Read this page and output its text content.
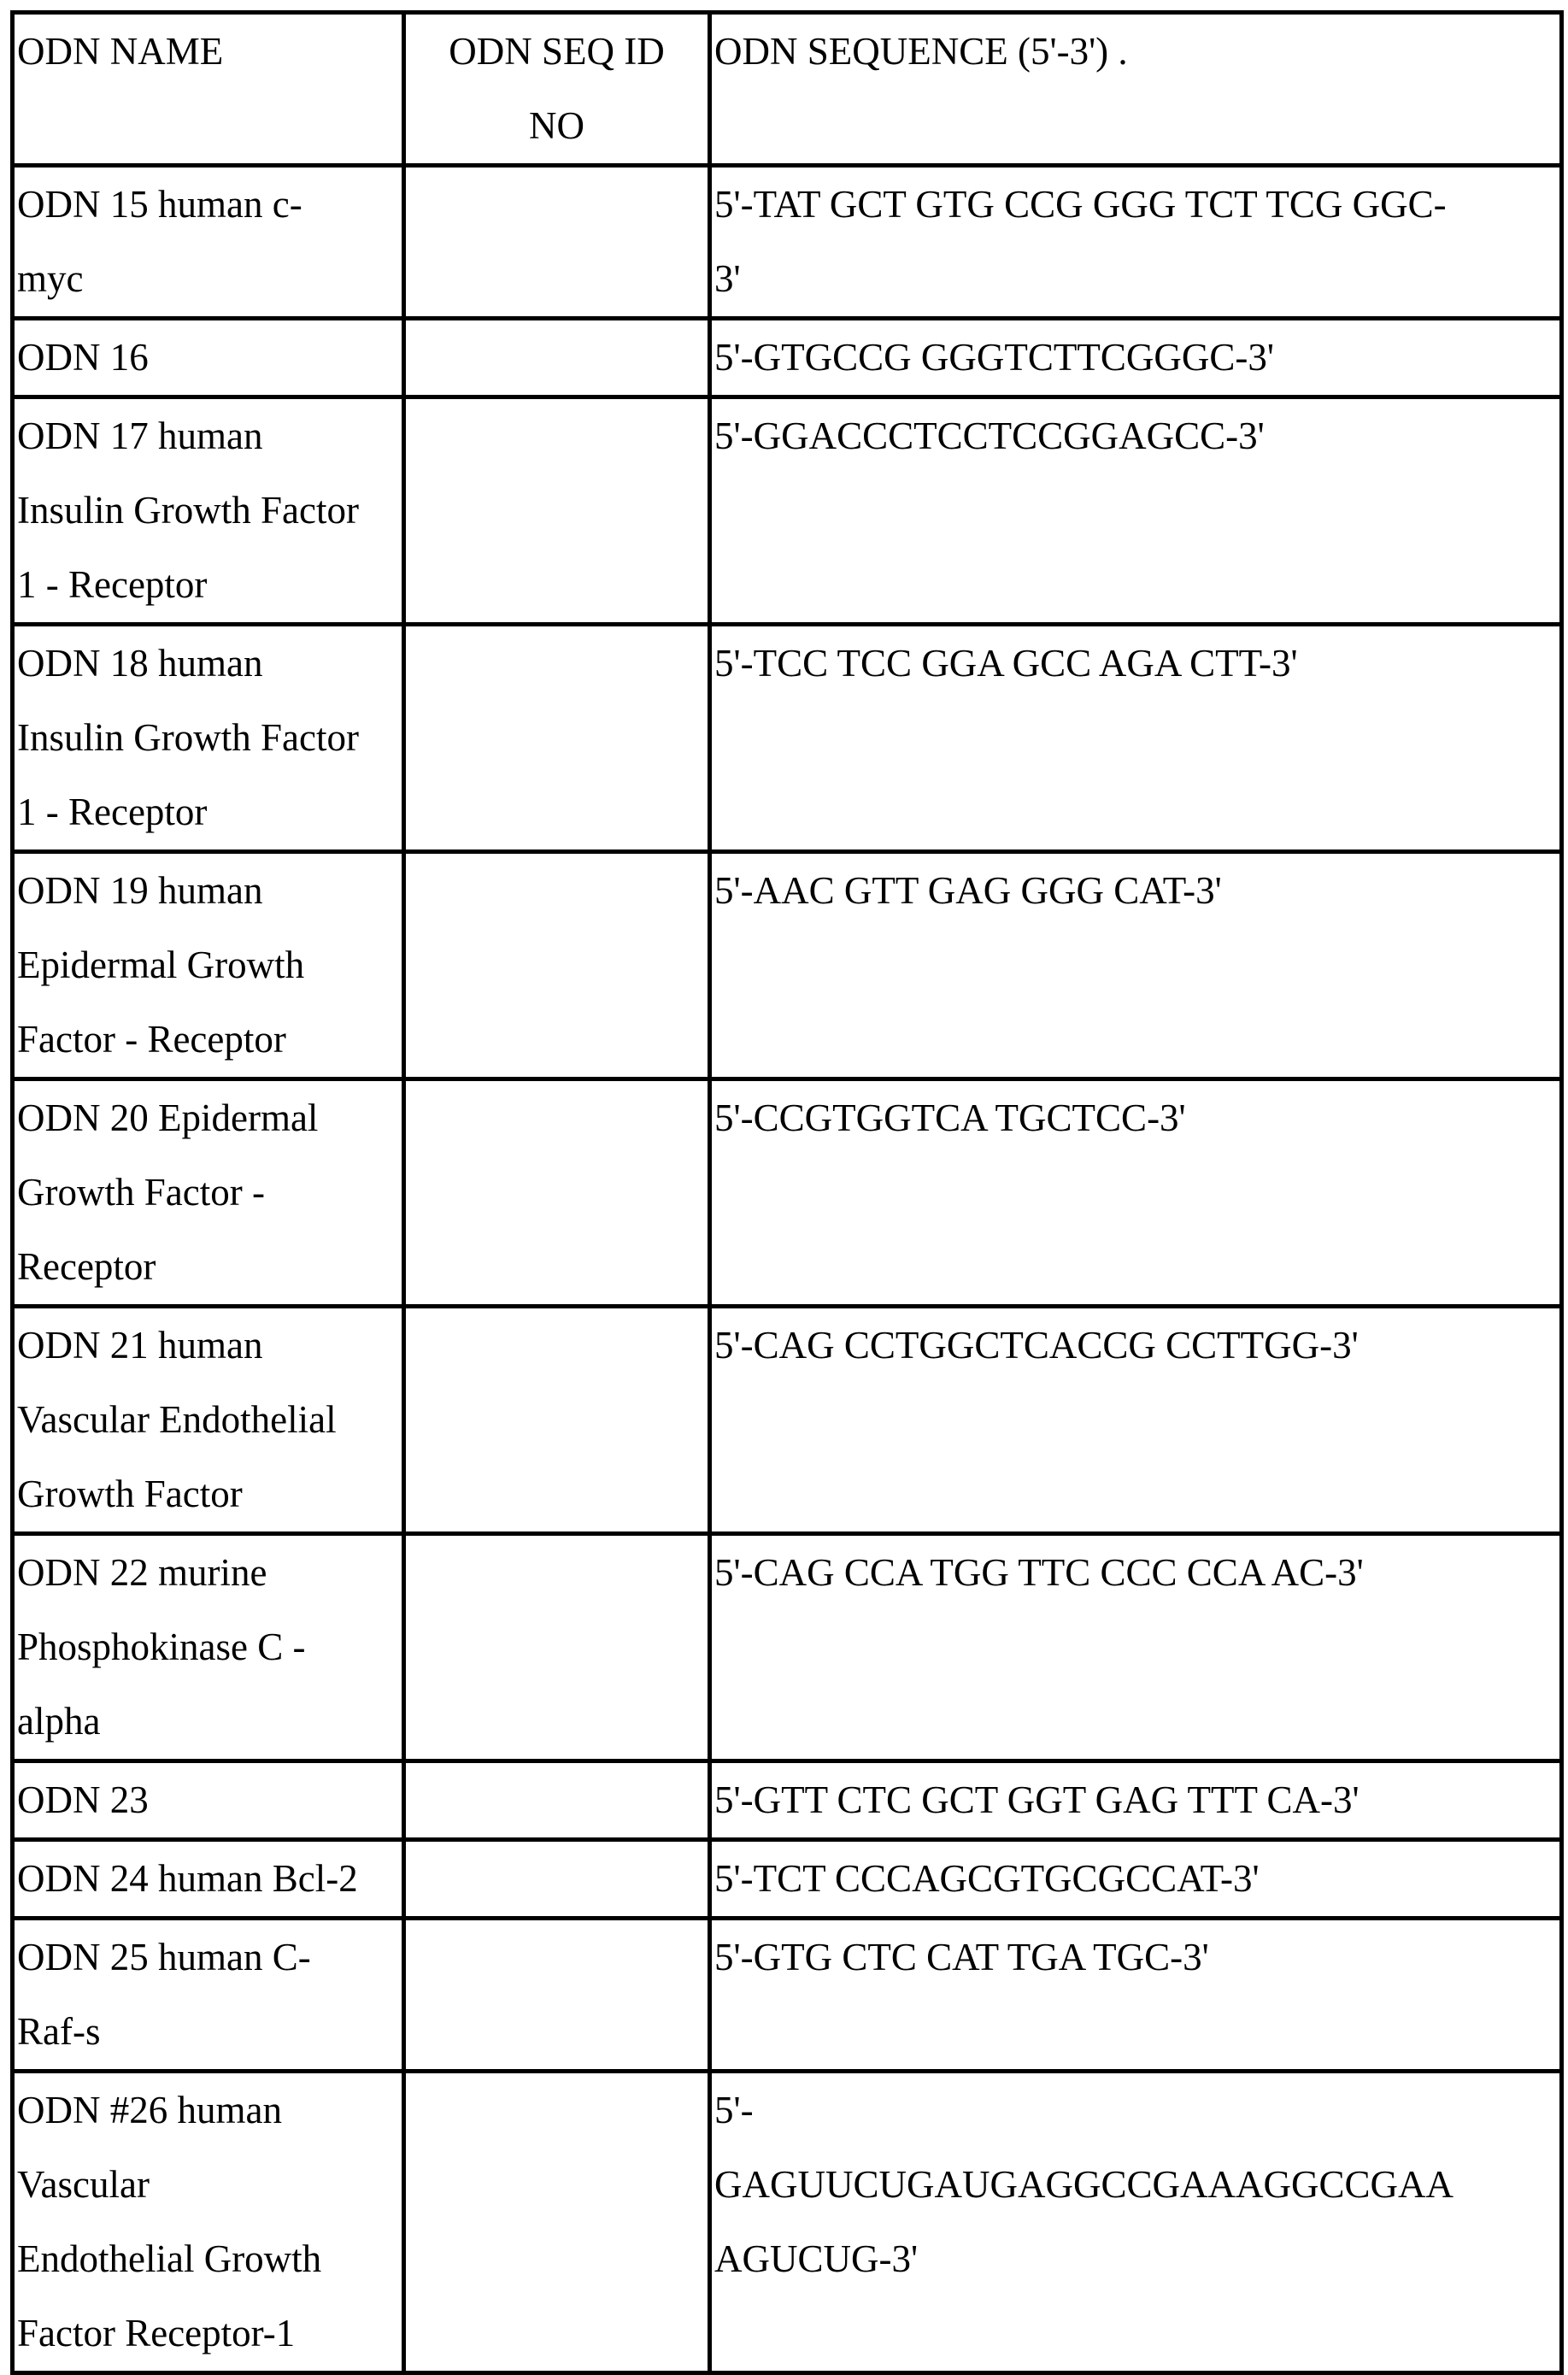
ODN NAME	ODN SEQ ID
NO	ODN SEQUENCE (5'-3') .
ODN 15 human c-
myc		5'-TAT GCT GTG CCG GGG TCT TCG GGC-
3'
ODN 16		5'-GTGCCG GGGTCTTCGGGC-3'
ODN 17 human
Insulin Growth Factor
1 - Receptor		5'-GGACCCTCCTCCGGAGCC-3'
ODN 18 human
Insulin Growth Factor
1 - Receptor		5'-TCC TCC GGA GCC AGA CTT-3'
ODN 19 human
Epidermal Growth
Factor - Receptor		5'-AAC GTT GAG GGG CAT-3'
ODN 20 Epidermal
Growth Factor -
Receptor		5'-CCGTGGTCA TGCTCC-3'
ODN 21 human
Vascular Endothelial
Growth Factor		5'-CAG CCTGGCTCACCG CCTTGG-3'
ODN 22 murine
Phosphokinase C -
alpha		5'-CAG CCA TGG TTC CCC CCA AC-3'
ODN 23		5'-GTT CTC GCT GGT GAG TTT CA-3'
ODN 24 human Bcl-2		5'-TCT CCCAGCGTGCGCCAT-3'
ODN 25 human C-
Raf-s		5'-GTG CTC CAT TGA TGC-3'
ODN #26 human
Vascular
Endothelial Growth
Factor Receptor-1		5'-
GAGUUCUGAUGAGGCCGAAAGGCCGAA
AGUCUG-3'
